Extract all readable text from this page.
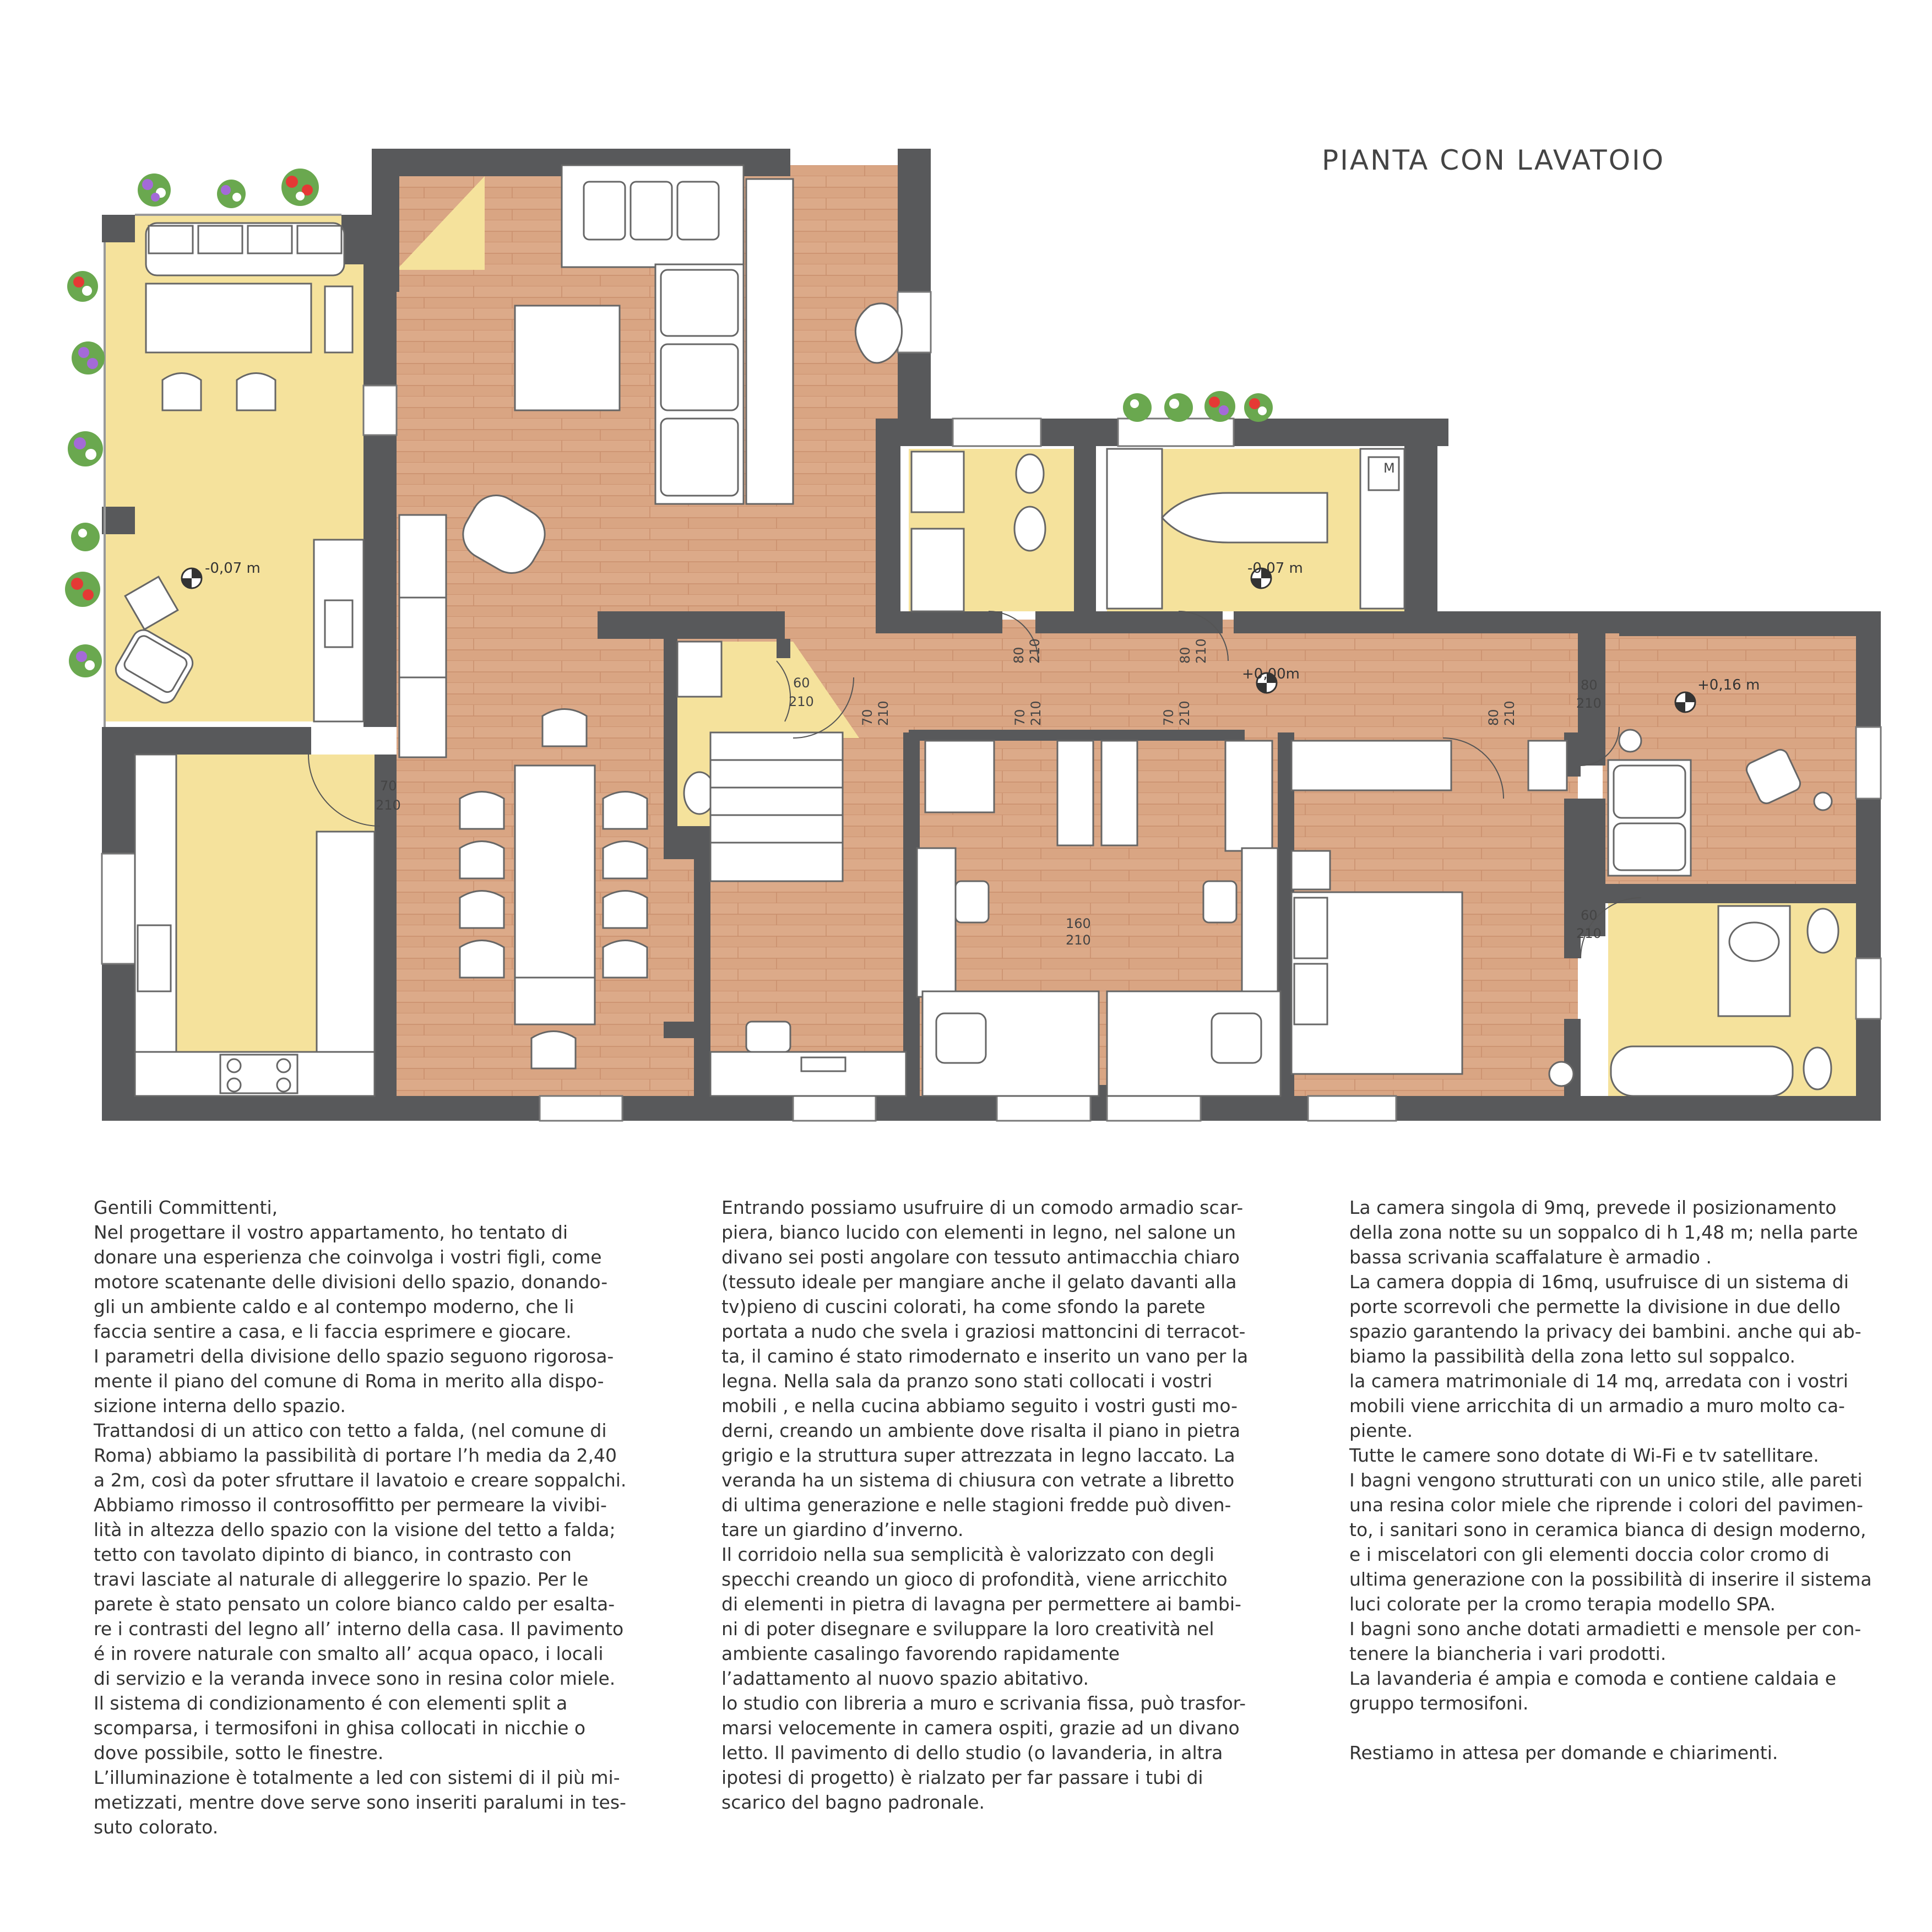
-0,07 m	-0,07 m
+0,00m
+0,16 m
70
210
60
210
70 210
80 210	80 210
70 210	70 210	80 210
80
210
60
210
160
210
M
PIANTA CON LAVATOIO
Gentili Committenti,
Nel progettare il vostro appartamento, ho tentato di
donare una esperienza che coinvolga i vostri figli, come
motore scatenante delle divisioni dello spazio, donando-
gli un ambiente caldo e al contempo moderno, che li
faccia sentire a casa, e li faccia esprimere e giocare.
I parametri della divisione dello spazio seguono rigorosa-
mente il piano del comune di Roma in merito alla dispo-
sizione interna dello spazio.
Trattandosi di un attico con tetto a falda, (nel comune di
Roma) abbiamo la passibilità di portare l’h media da 2,40
a 2m, così da poter sfruttare il lavatoio e creare soppalchi.
Abbiamo rimosso il controsoffitto per permeare la vivibi-
lità in altezza dello spazio con la visione del tetto a falda;
tetto con tavolato dipinto di bianco, in contrasto con
travi lasciate al naturale di alleggerire lo spazio. Per le
parete è stato pensato un colore bianco caldo per esalta-
re i contrasti del legno all’ interno della casa. Il pavimento
é in rovere naturale con smalto all’ acqua opaco, i locali
di servizio e la veranda invece sono in resina color miele.
Il sistema di condizionamento é con elementi split a
scomparsa, i termosifoni in ghisa collocati in nicchie o
dove possibile, sotto le finestre.
L’illuminazione è totalmente a led con sistemi di il più mi-
metizzati, mentre dove serve sono inseriti paralumi in tes-
suto colorato.
Entrando possiamo usufruire di un comodo armadio scar-
piera, bianco lucido con elementi in legno, nel salone un
divano sei posti angolare con tessuto antimacchia chiaro
(tessuto ideale per mangiare anche il gelato davanti alla
tv)pieno di cuscini colorati, ha come sfondo la parete
portata a nudo che svela i graziosi mattoncini di terracot-
ta, il camino é stato rimodernato e inserito un vano per la
legna. Nella sala da pranzo sono stati collocati i vostri
mobili , e nella cucina abbiamo seguito i vostri gusti mo-
derni, creando un ambiente dove risalta il piano in pietra
grigio e la struttura super attrezzata in legno laccato. La
veranda ha un sistema di chiusura con vetrate a libretto
di ultima generazione e nelle stagioni fredde può diven-
tare un giardino d’inverno.
Il corridoio nella sua semplicità è valorizzato con degli
specchi creando un gioco di profondità, viene arricchito
di elementi in pietra di lavagna per permettere ai bambi-
ni di poter disegnare e sviluppare la loro creatività nel
ambiente casalingo favorendo rapidamente
l’adattamento al nuovo spazio abitativo.
lo studio con libreria a muro e scrivania fissa, può trasfor-
marsi velocemente in camera ospiti, grazie ad un divano
letto. Il pavimento di dello studio (o lavanderia, in altra
ipotesi di progetto) è rialzato per far passare i tubi di
scarico del bagno padronale.
La camera singola di 9mq, prevede il posizionamento
della zona notte su un soppalco di h 1,48 m; nella parte
bassa scrivania scaffalature è armadio .
La camera doppia di 16mq, usufruisce di un sistema di
porte scorrevoli che permette la divisione in due dello
spazio garantendo la privacy dei bambini. anche qui ab-
biamo la passibilità della zona letto sul soppalco.
la camera matrimoniale di 14 mq, arredata con i vostri
mobili viene arricchita di un armadio a muro molto ca-
piente.
Tutte le camere sono dotate di Wi-Fi e tv satellitare.
I bagni vengono strutturati con un unico stile, alle pareti
una resina color miele che riprende i colori del pavimen-
to, i sanitari sono in ceramica bianca di design moderno,
e i miscelatori con gli elementi doccia color cromo di
ultima generazione con la possibilità di inserire il sistema
luci colorate per la cromo terapia modello SPA.
I bagni sono anche dotati armadietti e mensole per con-
tenere la biancheria i vari prodotti.
La lavanderia é ampia e comoda e contiene caldaia e
gruppo termosifoni.

Restiamo in attesa per domande e chiarimenti.
